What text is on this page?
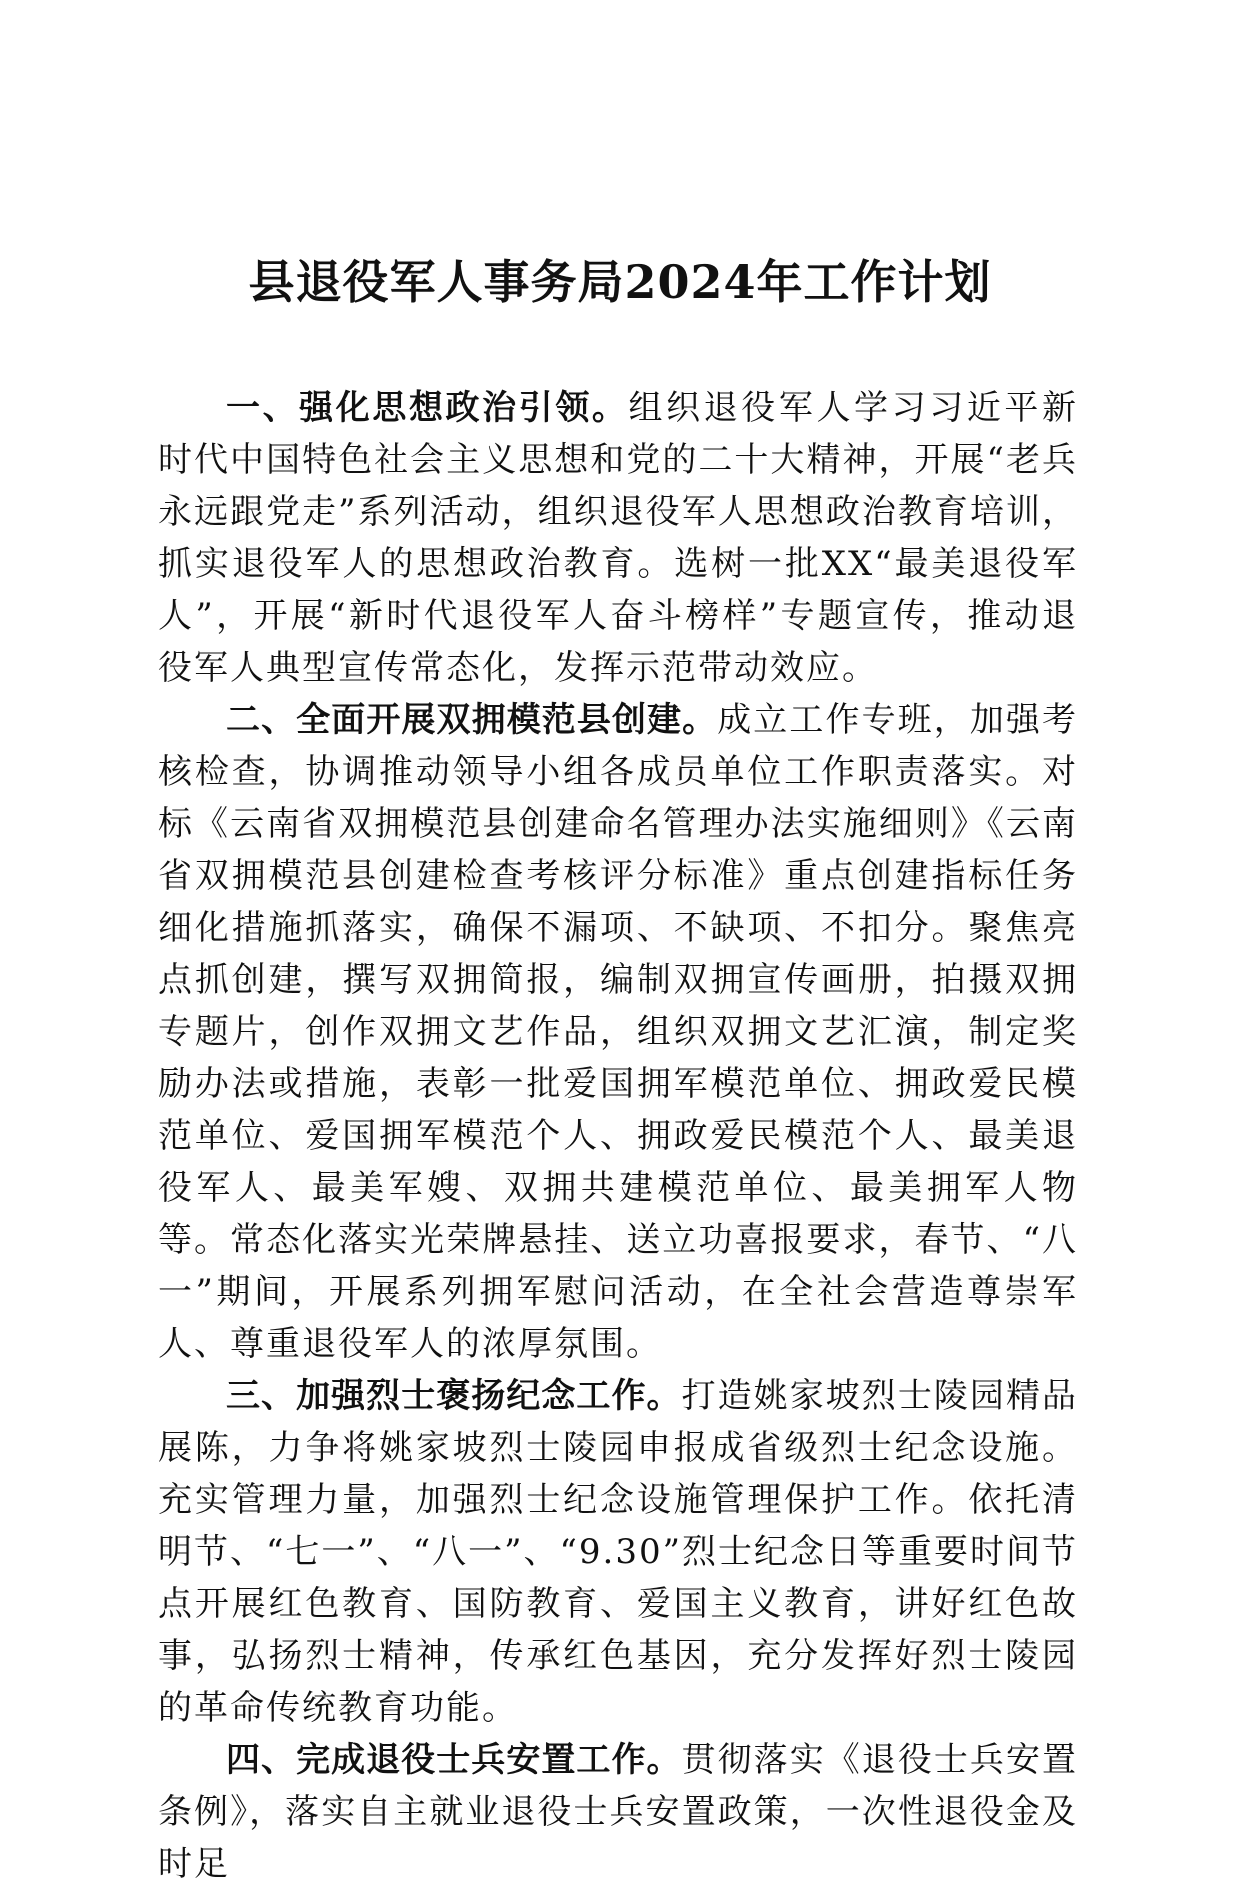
县退役军人事务局2024年工作计划

一、强化思想政治引领。组织退役军人学习习近平新时代中国特色社会主义思想和党的二十大精神，开展“老兵永远跟党走”系列活动，组织退役军人思想政治教育培训，抓实退役军人的思想政治教育。选树一批XX“最美退役军人”，开展“新时代退役军人奋斗榜样”专题宣传，推动退役军人典型宣传常态化，发挥示范带动效应。

二、全面开展双拥模范县创建。成立工作专班，加强考核检查，协调推动领导小组各成员单位工作职责落实。对标《云南省双拥模范县创建命名管理办法实施细则》《云南省双拥模范县创建检查考核评分标准》重点创建指标任务细化措施抓落实，确保不漏项、不缺项、不扣分。聚焦亮点抓创建，撰写双拥简报，编制双拥宣传画册，拍摄双拥专题片，创作双拥文艺作品，组织双拥文艺汇演，制定奖励办法或措施，表彰一批爱国拥军模范单位、拥政爱民模范单位、爱国拥军模范个人、拥政爱民模范个人、最美退役军人、最美军嫂、双拥共建模范单位、最美拥军人物等。常态化落实光荣牌悬挂、送立功喜报要求，春节、“八一”期间，开展系列拥军慰问活动，在全社会营造尊崇军人、尊重退役军人的浓厚氛围。

三、加强烈士褒扬纪念工作。打造姚家坡烈士陵园精品展陈，力争将姚家坡烈士陵园申报成省级烈士纪念设施。充实管理力量，加强烈士纪念设施管理保护工作。依托清明节、“七一”、“八一”、“9.30”烈士纪念日等重要时间节点开展红色教育、国防教育、爱国主义教育，讲好红色故事，弘扬烈士精神，传承红色基因，充分发挥好烈士陵园的革命传统教育功能。

四、完成退役士兵安置工作。贯彻落实《退役士兵安置条例》，落实自主就业退役士兵安置政策，一次性退役金及时足
